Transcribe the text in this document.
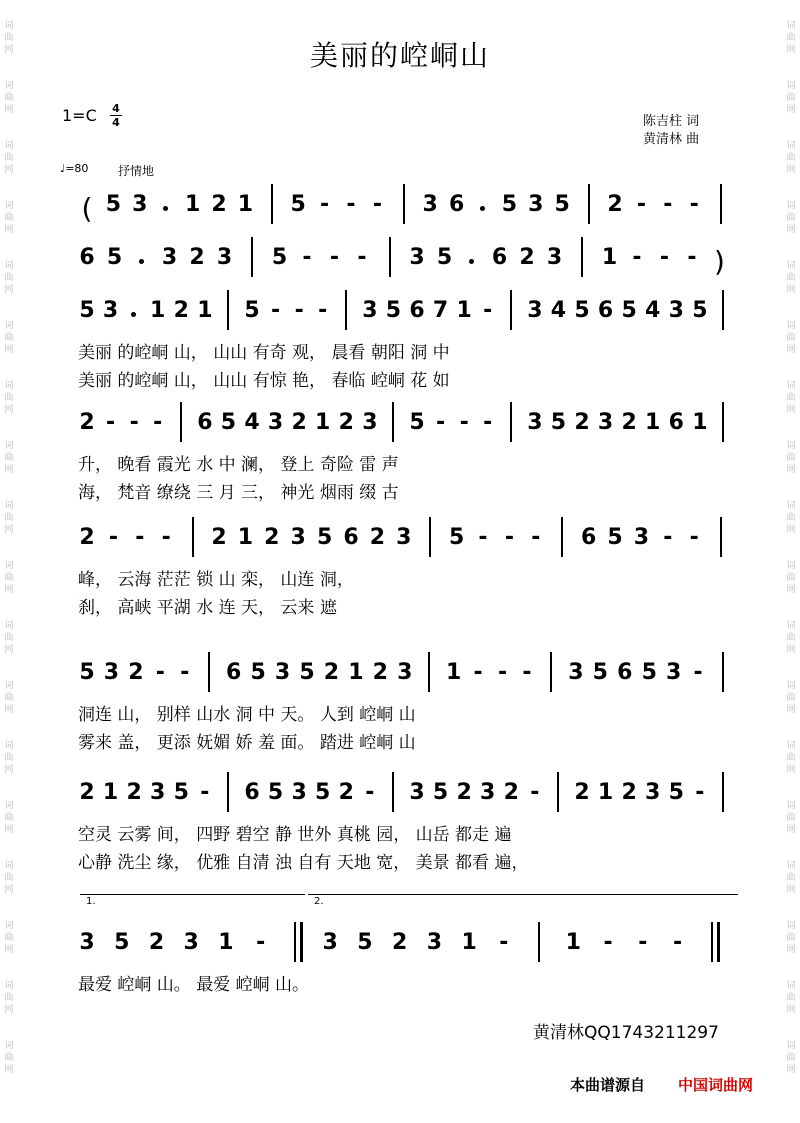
词
曲
网
词
曲
网
词
曲
网
词
曲
网
词
曲
网
词
曲
网
词
曲
网
词
曲
网
词
曲
网
词
曲
网
词
曲
网
词
曲
网
词
曲
网
词
曲
网
词
曲
网
词
曲
网
词
曲
网
词
曲
网
词
曲
网
词
曲
网
词
曲
网
词
曲
网
词
曲
网
词
曲
网
词
曲
网
词
曲
网
词
曲
网
词
曲
网
词
曲
网
词
曲
网
词
曲
网
词
曲
网
词
曲
网
词
曲
网
词
曲
网
词
曲
网
美丽的崆峒山
1=C 4
4	陈吉柱 词
黄清林 曲
♩=80 抒情地
( 5 3 1 2 1 5 - - - 3 6 5 3 5 2 - - -
6 5 3 2 3 5 - - - 3 5 6 2 3 1 - - - )
5 3 1 2 1 5 - - - 3 5 6 7 1 - 3 4 5 6 5 4 3 5
美丽 的崆峒 山， 山山 有奇 观， 晨看 朝阳 洞 中
美丽 的崆峒 山， 山山 有惊 艳， 春临 崆峒 花 如
2 - - - 6 5 4 3 2 1 2 3 5 - - - 3 5 2 3 2 1 6 1
升， 晚看 霞光 水 中 澜， 登上 奇险 雷 声
海， 梵音 缭绕 三 月 三， 神光 烟雨 缀 古
2 - - - 2 1 2 3 5 6 2 3 5 - - - 6 5 3 - -
峰， 云海 茫茫 锁 山 栾， 山连 洞，
刹， 高峡 平湖 水 连 天， 云来 遮
5 3 2 - - 6 5 3 5 2 1 2 3 1 - - - 3 5 6 5 3 -
洞连 山， 别样 山水 洞 中 天。 人到 崆峒 山
雾来 盖， 更添 妩媚 娇 羞 面。 踏进 崆峒 山
2 1 2 3 5 - 6 5 3 5 2 - 3 5 2 3 2 - 2 1 2 3 5 -
空灵 云雾 间， 四野 碧空 静 世外 真桃 园， 山岳 都走 遍
心静 洗尘 缘， 优雅 自清 浊 自有 天地 宽， 美景 都看 遍，
3 5 2 3 1 -	3 5 2 3 1 -	1 - - -
最爱 崆峒 山。 最爱 崆峒 山。
1.	2.
黄清林QQ1743211297
本曲谱源自 中国词曲网
